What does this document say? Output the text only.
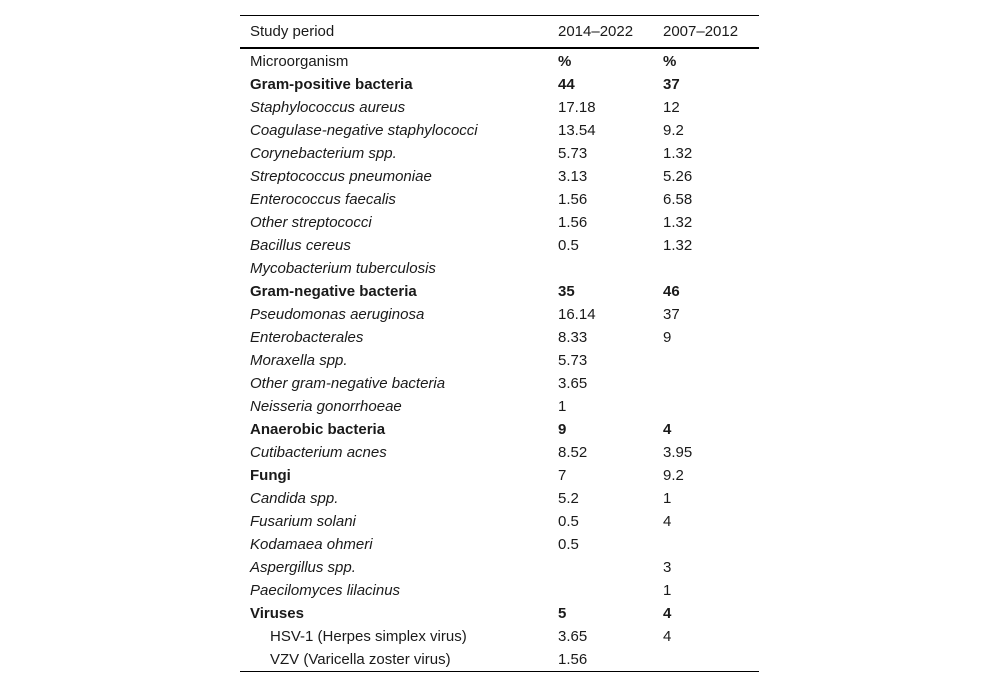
Study period	2014–2022	2007–2012
Microorganism	%	%
Gram-positive bacteria	44	37
Staphylococcus aureus	17.18	12
Coagulase-negative staphylococci	13.54	9.2
Corynebacterium spp.	5.73	1.32
Streptococcus pneumoniae	3.13	5.26
Enterococcus faecalis	1.56	6.58
Other streptococci	1.56	1.32
Bacillus cereus	0.5	1.32
Mycobacterium tuberculosis		
Gram-negative bacteria	35	46
Pseudomonas aeruginosa	16.14	37
Enterobacterales	8.33	9
Moraxella spp.	5.73	
Other gram-negative bacteria	3.65	
Neisseria gonorrhoeae	1	
Anaerobic bacteria	9	4
Cutibacterium acnes	8.52	3.95
Fungi	7	9.2
Candida spp.	5.2	1
Fusarium solani	0.5	4
Kodamaea ohmeri	0.5	
Aspergillus spp.		3
Paecilomyces lilacinus		1
Viruses	5	4
HSV-1 (Herpes simplex virus)	3.65	4
VZV (Varicella zoster virus)	1.56	
